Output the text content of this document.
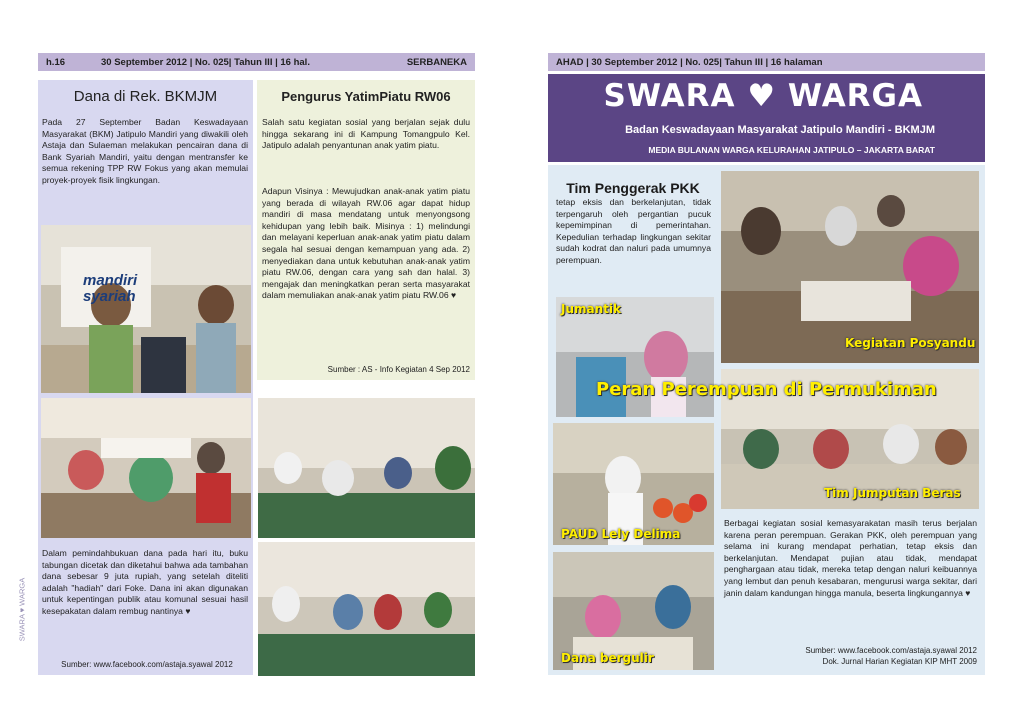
h.16	30 September 2012 | No. 025| Tahun III | 16 hal.	SERBANEKA
Dana di Rek. BKMJM
Pada 27 September Badan Keswadayaan Masyarakat (BKM) Jatipulo Mandiri yang diwakili oleh Astaja dan Sulaeman melakukan pencairan dana di Bank Syariah Mandiri, yaitu dengan mentransfer ke semua rekening TPP RW Fokus yang akan memulai proyek-proyek fisik lingkungan.
mandiri syariah
Dalam pemindahbukuan dana pada hari itu, buku tabungan dicetak dan diketahui bahwa ada tambahan dana sebesar 9 juta rupiah, yang setelah diteliti adalah "hadiah" dari Foke. Dana ini akan digunakan untuk kepentingan publik atau komunal sesuai hasil kesepakatan dalam rembug nantinya ♥
Sumber: www.facebook.com/astaja.syawal 2012
SWARA ♥ WARGA
Pengurus YatimPiatu RW06
Salah satu kegiatan sosial yang berjalan sejak dulu hingga sekarang ini di Kampung Tomangpulo Kel. Jatipulo adalah penyantunan anak yatim piatu.
Adapun Visinya : Mewujudkan anak-anak yatim piatu yang berada di wilayah RW.06 agar dapat hidup mandiri di masa mendatang untuk menyongsong kehidupan yang lebih baik. Misinya : 1) melindungi dan melayani keperluan anak-anak yatim piatu dalam segala hal sesuai dengan kemampuan yang ada. 2) menyediakan dana untuk kebutuhan anak-anak yatim piatu RW.06, dengan cara yang sah dan halal. 3) mengajak dan meningkatkan peran serta masyarakat dalam memuliakan anak-anak yatim piatu RW.06 ♥
Sumber : AS - Info Kegiatan 4 Sep 2012
AHAD | 30 September 2012 | No. 025| Tahun III | 16 halaman
SWARA ♥ WARGA
Badan Keswadayaan Masyarakat Jatipulo Mandiri - BKMJM
MEDIA BULANAN WARGA KELURAHAN JATIPULO – JAKARTA BARAT
Tim Penggerak PKK
tetap eksis dan berkelanjutan, tidak terpengaruh oleh pergantian pucuk kepemimpinan di pemerintahan. Kepedulian terhadap lingkungan sekitar sudah kodrat dan naluri pada umumnya perempuan.
Kegiatan Posyandu
Jumantik
Peran Perempuan di Permukiman
Tim Jumputan Beras
PAUD Lely Delima
Dana bergulir
Berbagai kegiatan sosial kemasyarakatan masih terus berjalan karena peran perempuan. Gerakan PKK, oleh perempuan yang selama ini kurang mendapat perhatian, tetap eksis dan berkelanjutan. Mendapat pujian atau tidak, mendapat penghargaan atau tidak, mereka tetap dengan naluri keibuannya yang lembut dan penuh kesabaran, mengurusi warga sekitar, dari janin dalam kandungan hingga manula, beserta lingkungannya ♥
Sumber: www.facebook.com/astaja.syawal 2012
Dok. Jurnal Harian Kegiatan KIP MHT 2009
